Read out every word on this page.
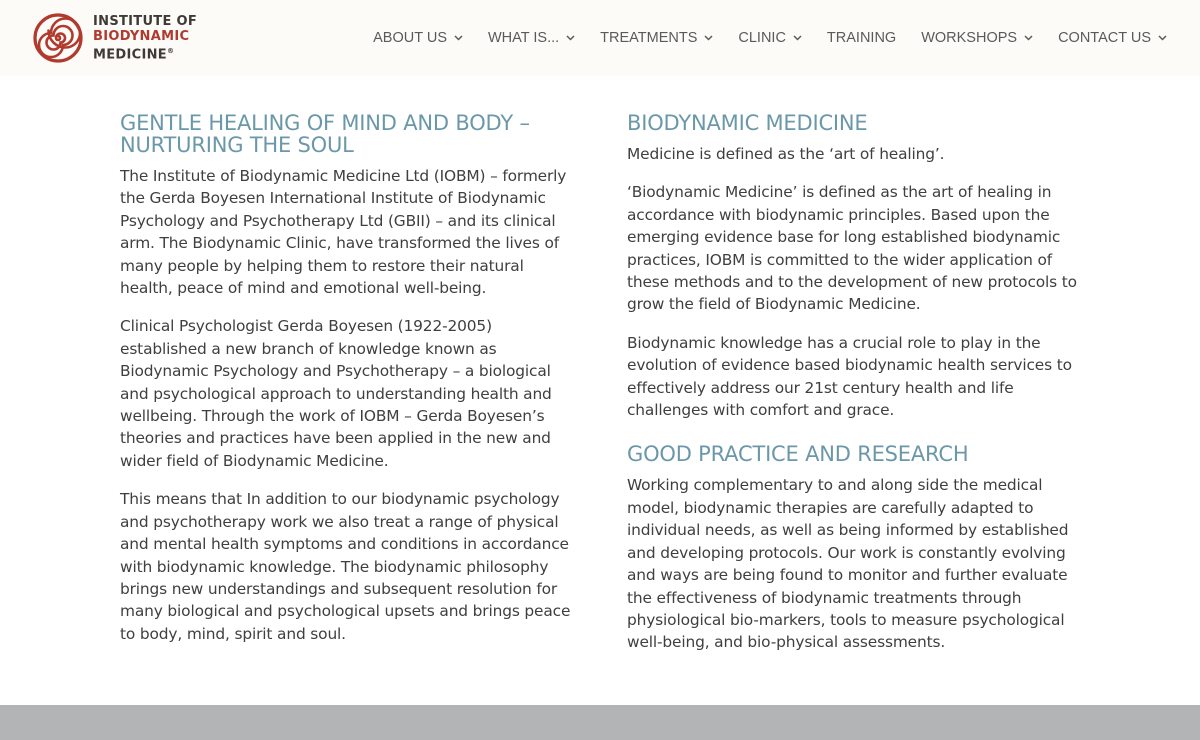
INSTITUTE OF
BIODYNAMIC
MEDICINE®
ABOUT US	WHAT IS...	TREATMENTS	CLINIC	TRAINING WORKSHOPS	CONTACT US
GENTLE HEALING OF MIND AND BODY – NURTURING THE SOUL

The Institute of Biodynamic Medicine Ltd (IOBM) – formerly the Gerda Boyesen International Institute of Biodynamic Psychology and Psychotherapy Ltd (GBII) – and its clinical arm. The Biodynamic Clinic, have transformed the lives of many people by helping them to restore their natural health, peace of mind and emotional well-being.

Clinical Psychologist Gerda Boyesen (1922-2005) established a new branch of knowledge known as Biodynamic Psychology and Psychotherapy – a biological and psychological approach to understanding health and wellbeing. Through the work of IOBM – Gerda Boyesen’s theories and practices have been applied in the new and wider field of Biodynamic Medicine.

This means that In addition to our biodynamic psychology and psychotherapy work we also treat a range of physical and mental health symptoms and conditions in accordance with biodynamic knowledge. The biodynamic philosophy brings new understandings and subsequent resolution for many biological and psychological upsets and brings peace to body, mind, spirit and soul.

BIODYNAMIC MEDICINE

Medicine is defined as the ‘art of healing’.

‘Biodynamic Medicine’ is defined as the art of healing in accordance with biodynamic principles. Based upon the emerging evidence base for long established biodynamic practices, IOBM is committed to the wider application of these methods and to the development of new protocols to grow the field of Biodynamic Medicine.

Biodynamic knowledge has a crucial role to play in the evolution of evidence based biodynamic health services to effectively address our 21st century health and life challenges with comfort and grace.

GOOD PRACTICE AND RESEARCH

Working complementary to and along side the medical model, biodynamic therapies are carefully adapted to individual needs, as well as being informed by established and developing protocols. Our work is constantly evolving and ways are being found to monitor and further evaluate the effectiveness of biodynamic treatments through physiological bio-markers, tools to measure psychological well-being, and bio-physical assessments.
